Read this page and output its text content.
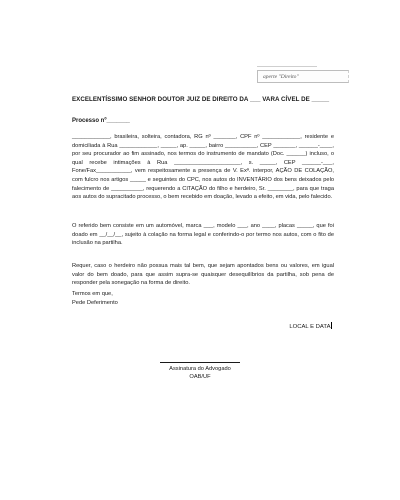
aperte "Direito"
EXCELENTÍSSIMO SENHOR DOUTOR JUIZ DE DIREITO DA ___ VARA CÍVEL DE _____
Processo nº_______
____________, brasileira, solteira, contadora, RG nº _______, CPF nº ____________, residente e domiciliada à Rua ____________, _____, ap. _____, bairro __________, CEP _______, ______-____, por seu procurador ao fim assinado, nos termos do instrumento de mandato (Doc. ______) incluso, o qual recebe intimações à Rua _____________________, s. _____, CEP ______-___, Fone/Fax___________, vem respeitosamente a presença de V. Exª. interpor, AÇÃO DE COLAÇÃO, com fulcro nos artigos _____ e seguintes do CPC, nos autos do INVENTÁRIO dos bens deixados pelo falecimento de __________, requerendo a CITAÇÃO do filho e herdeiro, Sr. ________, para que traga aos autos do supracitado processo, o bem recebido em doação, levado a efeito, em vida, pelo falecido.
O referido bem consiste em um automóvel, marca ___, modelo ___, ano ____, placas _____, que foi doado em __/__/__, sujeito à colação na forma legal e conferindo-o por termo nos autos, com o fito de inclusão na partilha.
Requer, caso o herdeiro não possua mais tal bem, que sejam apontados bens ou valores, em igual valor do bem doado, para que assim supra-se quaisquer desequilíbrios da partilha, sob pena de responder pela sonegação na forma de direito.
Termos em que,
Pede Deferimento
LOCAL E DATA
Assinatura do Advogado
OAB/UF
